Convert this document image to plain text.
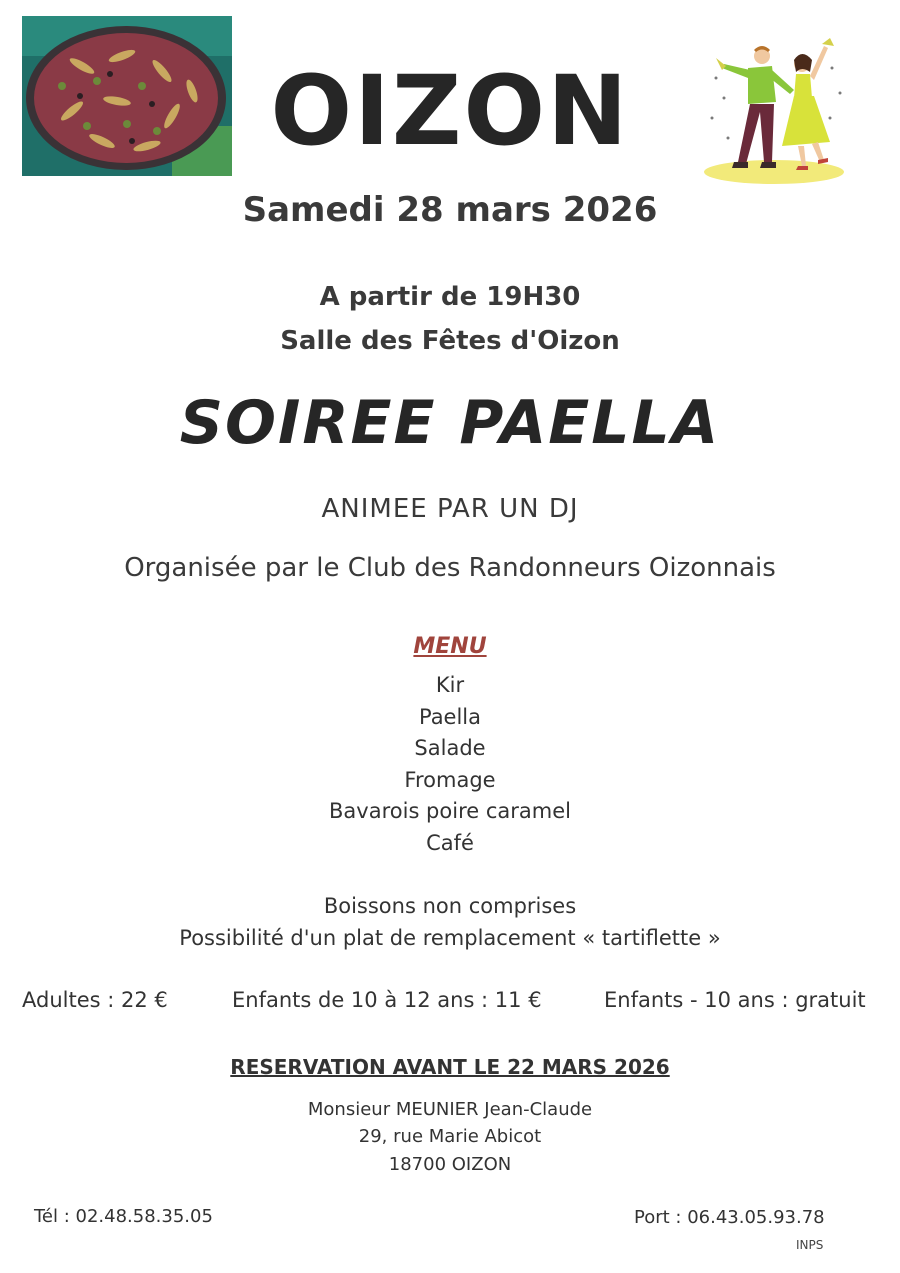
OIZON
Samedi 28 mars 2026
A partir de 19H30
Salle des Fêtes d'Oizon
SOIREE PAELLA
ANIMEE PAR UN DJ
Organisée par le Club des Randonneurs Oizonnais
MENU
Kir
Paella
Salade
Fromage
Bavarois poire caramel
Café
Boissons non comprises
Possibilité d'un plat de remplacement « tartiflette »
Adultes : 22 €	Enfants de 10 à 12 ans : 11 €	Enfants - 10 ans : gratuit
RESERVATION AVANT LE 22 MARS 2026
Monsieur MEUNIER Jean-Claude
29, rue Marie Abicot
18700 OIZON
Tél : 02.48.58.35.05	Port : 06.43.05.93.78
INPS
